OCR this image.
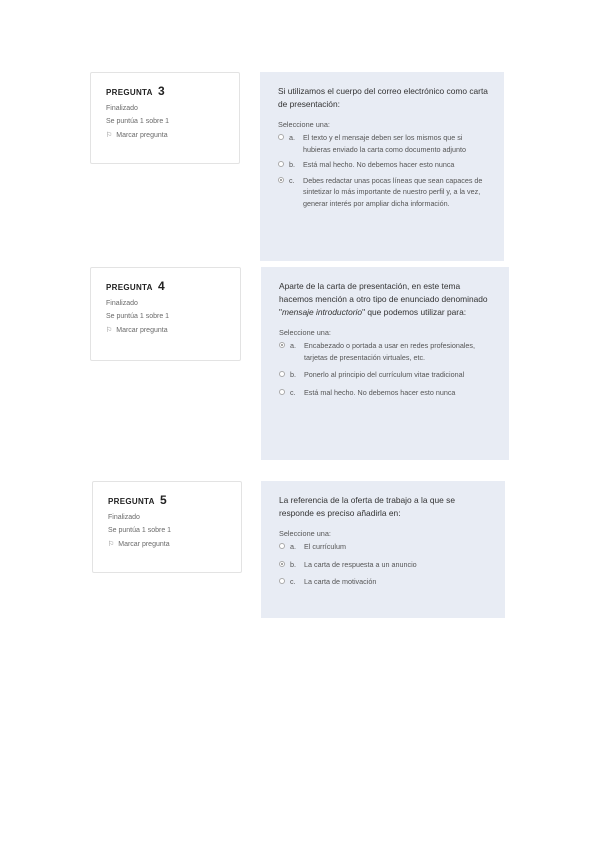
PREGUNTA 3
Finalizado
Se puntúa 1 sobre 1
⚐ Marcar pregunta
Si utilizamos el cuerpo del correo electrónico como carta de presentación:
Seleccione una:
a.	El texto y el mensaje deben ser los mismos que si hubieras enviado la carta como documento adjunto
b.	Está mal hecho. No debemos hacer esto nunca
c.	Debes redactar unas pocas líneas que sean capaces de sintetizar lo más importante de nuestro perfil y, a la vez, generar interés por ampliar dicha información.
PREGUNTA 4
Finalizado
Se puntúa 1 sobre 1
⚐ Marcar pregunta
Aparte de la carta de presentación, en este tema hacemos mención a otro tipo de enunciado denominado "mensaje introductorio" que podemos utilizar para:
Seleccione una:
a.	Encabezado o portada a usar en redes profesionales, tarjetas de presentación virtuales, etc.
b.	Ponerlo al principio del currículum vitae tradicional
c.	Está mal hecho. No debemos hacer esto nunca
PREGUNTA 5
Finalizado
Se puntúa 1 sobre 1
⚐ Marcar pregunta
La referencia de la oferta de trabajo a la que se responde es preciso añadirla en:
Seleccione una:
a.	El currículum
b.	La carta de respuesta a un anuncio
c.	La carta de motivación
